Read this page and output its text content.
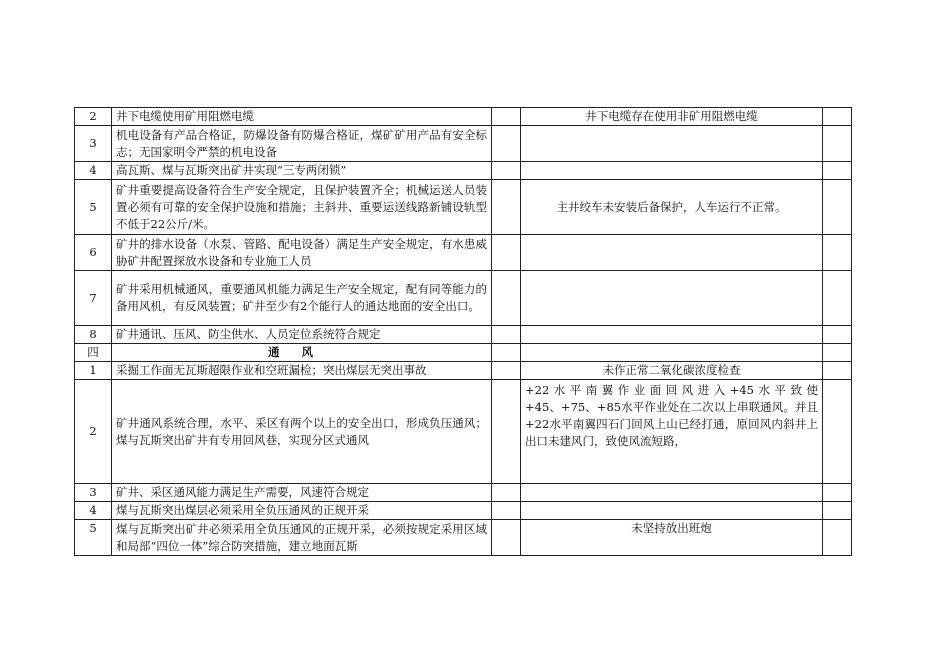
2	井下电缆使用矿用阻燃电缆		井下电缆存在使用非矿用阻燃电缆	
3	机电设备有产品合格证，防爆设备有防爆合格证，煤矿矿用产品有安全标志；无国家明令严禁的机电设备			
4	高瓦斯、煤与瓦斯突出矿井实现“三专两闭锁”			
5	矿井重要提高设备符合生产安全规定，且保护装置齐全；机械运送人员装置必须有可靠的安全保护设施和措施；主斜井、重要运送线路新铺设轨型不低于22公斤/米。		主井绞车未安装后备保护，人车运行不正常。	
6	矿井的排水设备（水泵、管路、配电设备）满足生产安全规定，有水患威胁矿井配置探放水设备和专业施工人员			
7	矿井采用机械通风，重要通风机能力满足生产安全规定，配有同等能力的备用风机，有反风装置；矿井至少有2个能行人的通达地面的安全出口。			
8	矿井通讯、压风、防尘供水、人员定位系统符合规定			
四	通风			
1	采掘工作面无瓦斯超限作业和空班漏检；突出煤层无突出事故		未作正常二氧化碳浓度检查	
2	矿井通风系统合理，水平、采区有两个以上的安全出口，形成负压通风；煤与瓦斯突出矿井有专用回风巷，实现分区式通风		+22水平南翼作业面回风进入+45水平致使+45、+75、+85水平作业处在二次以上串联通风。并且+22水平南翼四石门回风上山已经打通，原回风内斜井上出口未建风门，致使风流短路，	
3	矿井、采区通风能力满足生产需要，风速符合规定			
4	煤与瓦斯突出煤层必须采用全负压通风的正规开采			
5	煤与瓦斯突出矿井必须采用全负压通风的正规开采，必须按规定采用区域和局部“四位一体”综合防突措施，建立地面瓦斯		未坚持放出班炮	
